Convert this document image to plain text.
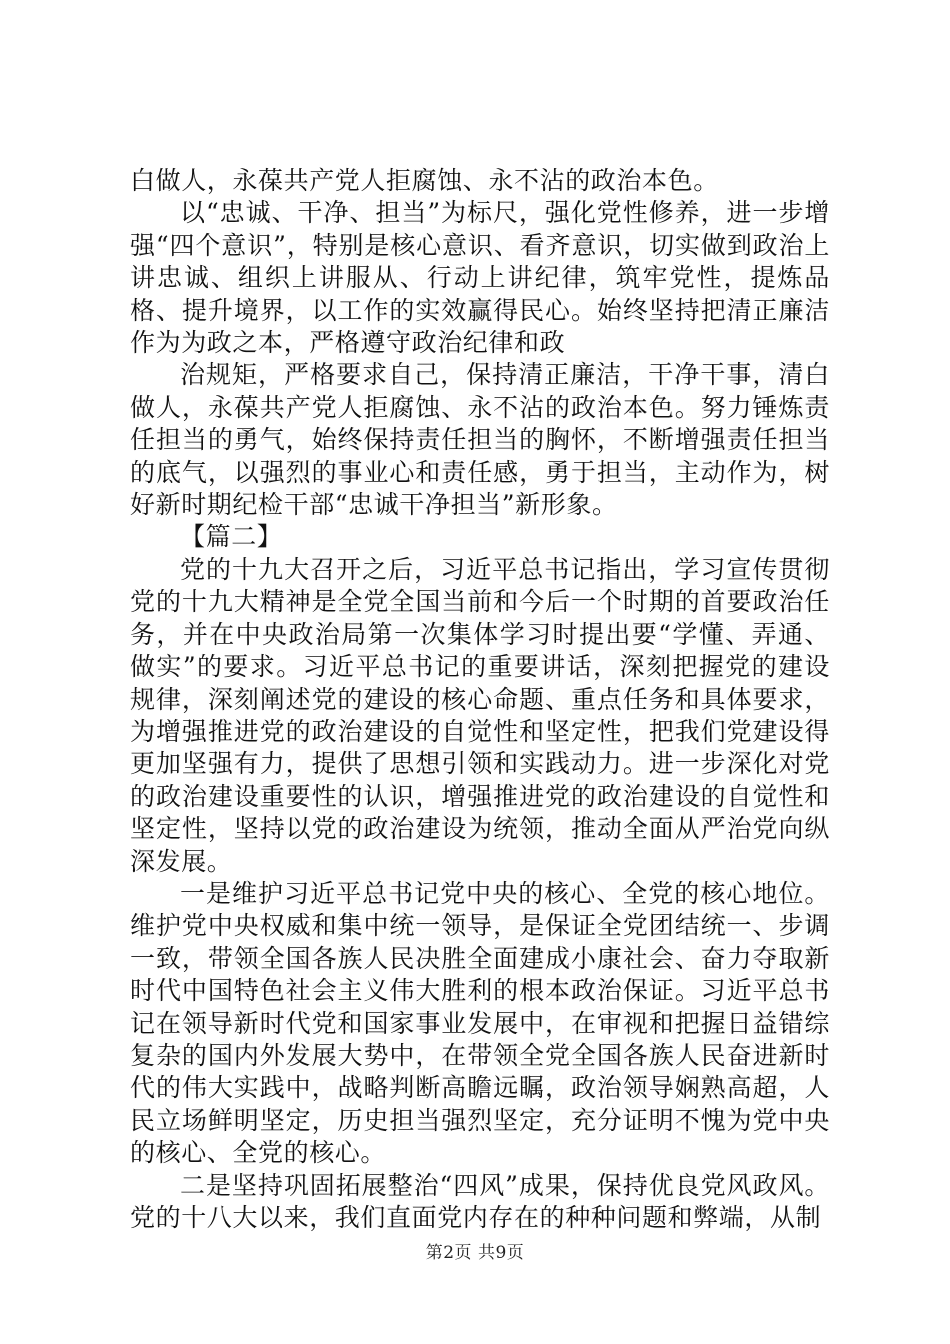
白做人，永葆共产党人拒腐蚀、永不沾的政治本色。

以“忠诚、干净、担当”为标尺，强化党性修养，进一步增强“四个意识”，特别是核心意识、看齐意识，切实做到政治上讲忠诚、组织上讲服从、行动上讲纪律，筑牢党性，提炼品格、提升境界，以工作的实效赢得民心。始终坚持把清正廉洁作为为政之本，严格遵守政治纪律和政

治规矩，严格要求自己，保持清正廉洁，干净干事，清白做人，永葆共产党人拒腐蚀、永不沾的政治本色。努力锤炼责任担当的勇气，始终保持责任担当的胸怀，不断增强责任担当的底气，以强烈的事业心和责任感，勇于担当，主动作为，树好新时期纪检干部“忠诚干净担当”新形象。

【篇二】

党的十九大召开之后，习近平总书记指出，学习宣传贯彻党的十九大精神是全党全国当前和今后一个时期的首要政治任务，并在中央政治局第一次集体学习时提出要“学懂、弄通、做实”的要求。习近平总书记的重要讲话，深刻把握党的建设规律，深刻阐述党的建设的核心命题、重点任务和具体要求，为增强推进党的政治建设的自觉性和坚定性，把我们党建设得更加坚强有力，提供了思想引领和实践动力。进一步深化对党的政治建设重要性的认识，增强推进党的政治建设的自觉性和坚定性，坚持以党的政治建设为统领，推动全面从严治党向纵深发展。

一是维护习近平总书记党中央的核心、全党的核心地位。维护党中央权威和集中统一领导，是保证全党团结统一、步调一致，带领全国各族人民决胜全面建成小康社会、奋力夺取新时代中国特色社会主义伟大胜利的根本政治保证。习近平总书记在领导新时代党和国家事业发展中，在审视和把握日益错综复杂的国内外发展大势中，在带领全党全国各族人民奋进新时代的伟大实践中，战略判断高瞻远瞩，政治领导娴熟高超，人民立场鲜明坚定，历史担当强烈坚定，充分证明不愧为党中央的核心、全党的核心。

二是坚持巩固拓展整治“四风”成果，保持优良党风政风。党的十八大以来，我们直面党内存在的种种问题和弊端，从制

第2页 共9页
